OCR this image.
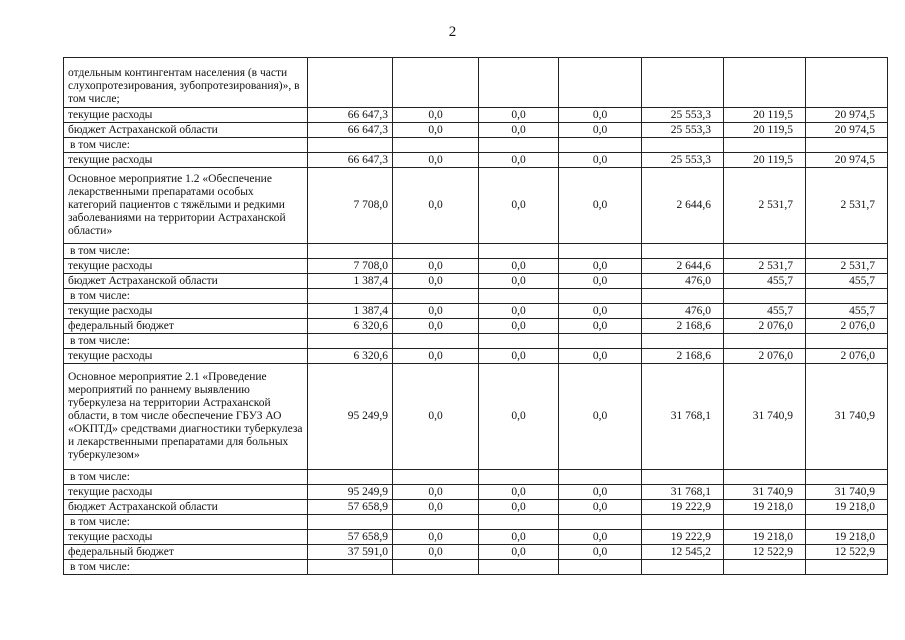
2
отдельным контингентам населения (в части слухопротезирования, зубопротезирования)», в том числе;							
текущие расходы	66 647,3	0,0	0,0	0,0	25 553,3	20 119,5	20 974,5
бюджет Астраханской области	66 647,3	0,0	0,0	0,0	25 553,3	20 119,5	20 974,5
в том числе:							
текущие расходы	66 647,3	0,0	0,0	0,0	25 553,3	20 119,5	20 974,5
Основное мероприятие 1.2 «Обеспечение лекарственными препаратами особых категорий пациентов с тяжёлыми и редкими заболеваниями на территории Астраханской области»	7 708,0	0,0	0,0	0,0	2 644,6	2 531,7	2 531,7
в том числе:							
текущие расходы	7 708,0	0,0	0,0	0,0	2 644,6	2 531,7	2 531,7
бюджет Астраханской области	1 387,4	0,0	0,0	0,0	476,0	455,7	455,7
в том числе:							
текущие расходы	1 387,4	0,0	0,0	0,0	476,0	455,7	455,7
федеральный бюджет	6 320,6	0,0	0,0	0,0	2 168,6	2 076,0	2 076,0
в том числе:							
текущие расходы	6 320,6	0,0	0,0	0,0	2 168,6	2 076,0	2 076,0
Основное мероприятие 2.1 «Проведение мероприятий по раннему выявлению туберкулеза на территории Астраханской области, в том числе обеспечение ГБУЗ АО «ОКПТД» средствами диагностики туберкулеза и лекарственными препаратами для больных туберкулезом»	95 249,9	0,0	0,0	0,0	31 768,1	31 740,9	31 740,9
в том числе:							
текущие расходы	95 249,9	0,0	0,0	0,0	31 768,1	31 740,9	31 740,9
бюджет Астраханской области	57 658,9	0,0	0,0	0,0	19 222,9	19 218,0	19 218,0
в том числе:							
текущие расходы	57 658,9	0,0	0,0	0,0	19 222,9	19 218,0	19 218,0
федеральный бюджет	37 591,0	0,0	0,0	0,0	12 545,2	12 522,9	12 522,9
в том числе:							
